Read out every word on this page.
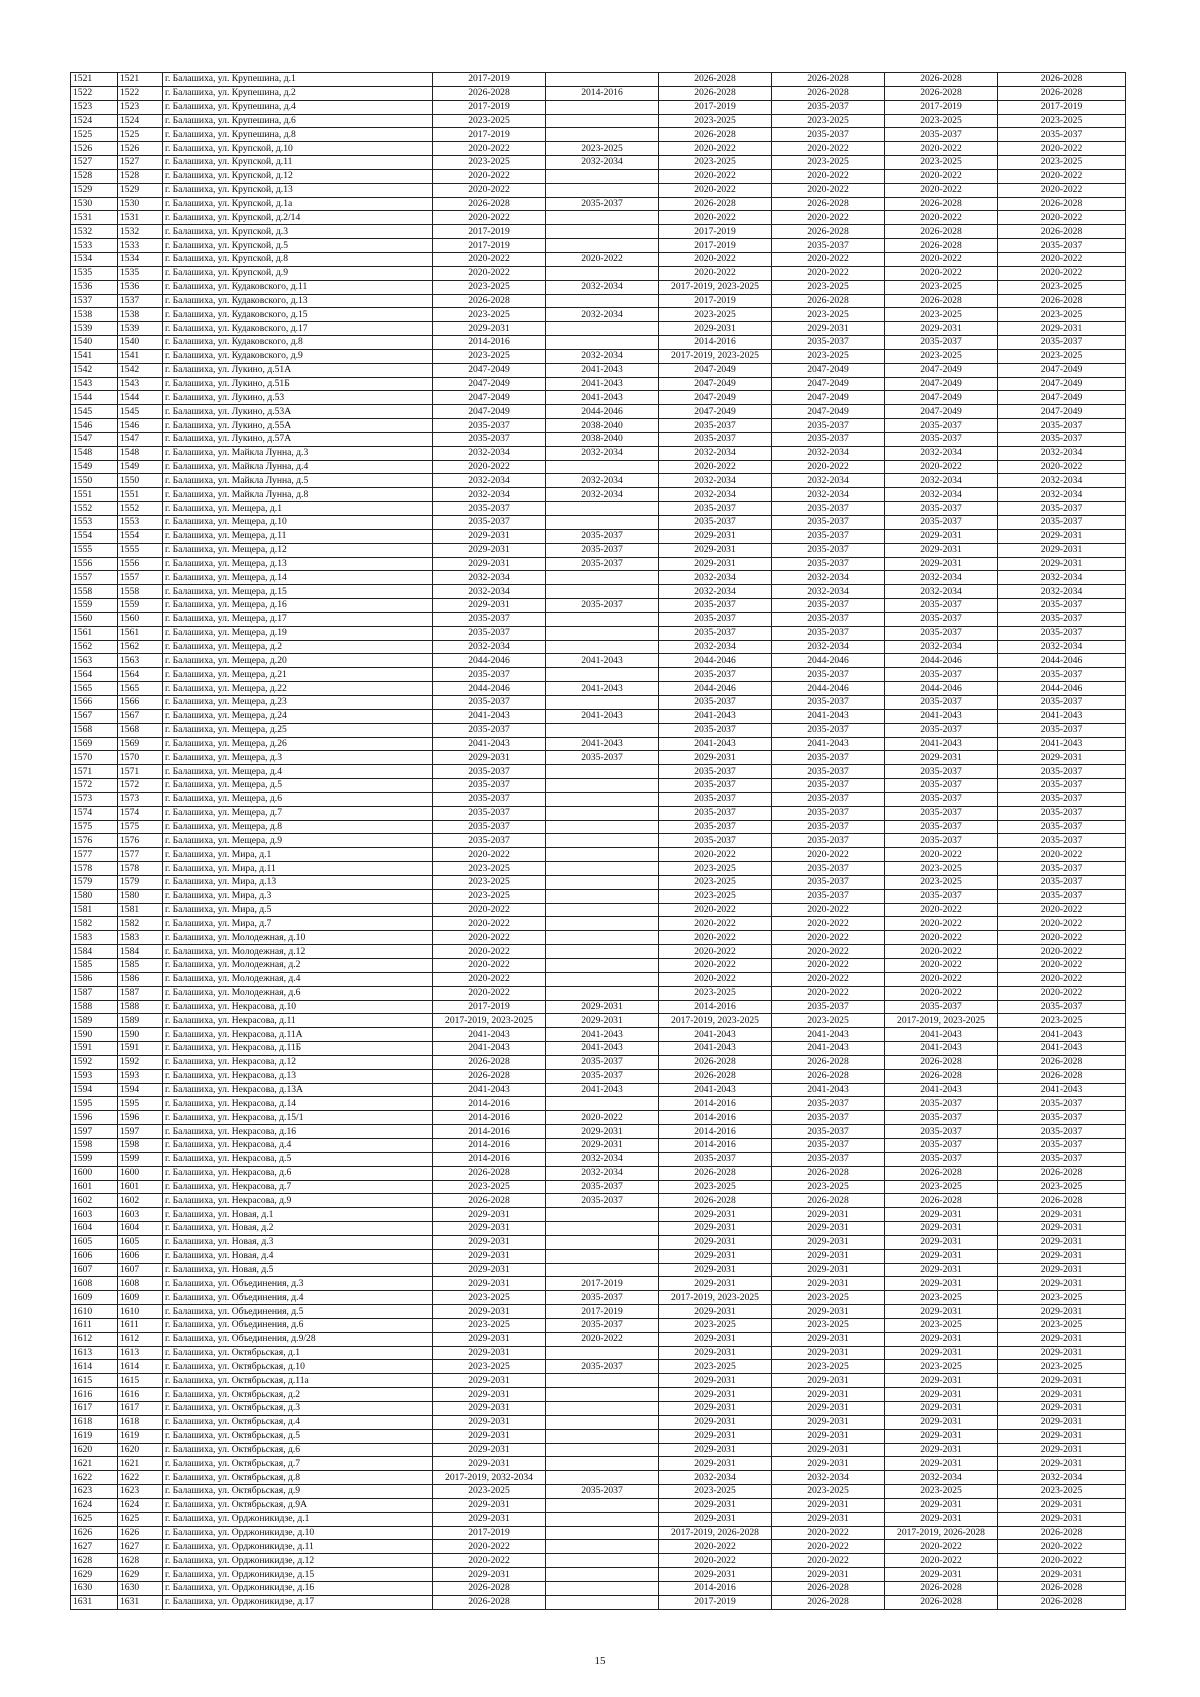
1521	1521	г. Балашиха, ул. Крупешина, д.1	2017-2019		2026-2028	2026-2028	2026-2028	2026-2028
1522	1522	г. Балашиха, ул. Крупешина, д.2	2026-2028	2014-2016	2026-2028	2026-2028	2026-2028	2026-2028
1523	1523	г. Балашиха, ул. Крупешина, д.4	2017-2019		2017-2019	2035-2037	2017-2019	2017-2019
1524	1524	г. Балашиха, ул. Крупешина, д.6	2023-2025		2023-2025	2023-2025	2023-2025	2023-2025
1525	1525	г. Балашиха, ул. Крупешина, д.8	2017-2019		2026-2028	2035-2037	2035-2037	2035-2037
1526	1526	г. Балашиха, ул. Крупской, д.10	2020-2022	2023-2025	2020-2022	2020-2022	2020-2022	2020-2022
1527	1527	г. Балашиха, ул. Крупской, д.11	2023-2025	2032-2034	2023-2025	2023-2025	2023-2025	2023-2025
1528	1528	г. Балашиха, ул. Крупской, д.12	2020-2022		2020-2022	2020-2022	2020-2022	2020-2022
1529	1529	г. Балашиха, ул. Крупской, д.13	2020-2022		2020-2022	2020-2022	2020-2022	2020-2022
1530	1530	г. Балашиха, ул. Крупской, д.1а	2026-2028	2035-2037	2026-2028	2026-2028	2026-2028	2026-2028
1531	1531	г. Балашиха, ул. Крупской, д.2/14	2020-2022		2020-2022	2020-2022	2020-2022	2020-2022
1532	1532	г. Балашиха, ул. Крупской, д.3	2017-2019		2017-2019	2026-2028	2026-2028	2026-2028
1533	1533	г. Балашиха, ул. Крупской, д.5	2017-2019		2017-2019	2035-2037	2026-2028	2035-2037
1534	1534	г. Балашиха, ул. Крупской, д.8	2020-2022	2020-2022	2020-2022	2020-2022	2020-2022	2020-2022
1535	1535	г. Балашиха, ул. Крупской, д.9	2020-2022		2020-2022	2020-2022	2020-2022	2020-2022
1536	1536	г. Балашиха, ул. Кудаковского, д.11	2023-2025	2032-2034	2017-2019, 2023-2025	2023-2025	2023-2025	2023-2025
1537	1537	г. Балашиха, ул. Кудаковского, д.13	2026-2028		2017-2019	2026-2028	2026-2028	2026-2028
1538	1538	г. Балашиха, ул. Кудаковского, д.15	2023-2025	2032-2034	2023-2025	2023-2025	2023-2025	2023-2025
1539	1539	г. Балашиха, ул. Кудаковского, д.17	2029-2031		2029-2031	2029-2031	2029-2031	2029-2031
1540	1540	г. Балашиха, ул. Кудаковского, д.8	2014-2016		2014-2016	2035-2037	2035-2037	2035-2037
1541	1541	г. Балашиха, ул. Кудаковского, д.9	2023-2025	2032-2034	2017-2019, 2023-2025	2023-2025	2023-2025	2023-2025
1542	1542	г. Балашиха, ул. Лукино, д.51А	2047-2049	2041-2043	2047-2049	2047-2049	2047-2049	2047-2049
1543	1543	г. Балашиха, ул. Лукино, д.51Б	2047-2049	2041-2043	2047-2049	2047-2049	2047-2049	2047-2049
1544	1544	г. Балашиха, ул. Лукино, д.53	2047-2049	2041-2043	2047-2049	2047-2049	2047-2049	2047-2049
1545	1545	г. Балашиха, ул. Лукино, д.53А	2047-2049	2044-2046	2047-2049	2047-2049	2047-2049	2047-2049
1546	1546	г. Балашиха, ул. Лукино, д.55А	2035-2037	2038-2040	2035-2037	2035-2037	2035-2037	2035-2037
1547	1547	г. Балашиха, ул. Лукино, д.57А	2035-2037	2038-2040	2035-2037	2035-2037	2035-2037	2035-2037
1548	1548	г. Балашиха, ул. Майкла Лунна, д.3	2032-2034	2032-2034	2032-2034	2032-2034	2032-2034	2032-2034
1549	1549	г. Балашиха, ул. Майкла Лунна, д.4	2020-2022		2020-2022	2020-2022	2020-2022	2020-2022
1550	1550	г. Балашиха, ул. Майкла Лунна, д.5	2032-2034	2032-2034	2032-2034	2032-2034	2032-2034	2032-2034
1551	1551	г. Балашиха, ул. Майкла Лунна, д.8	2032-2034	2032-2034	2032-2034	2032-2034	2032-2034	2032-2034
1552	1552	г. Балашиха, ул. Мещера, д.1	2035-2037		2035-2037	2035-2037	2035-2037	2035-2037
1553	1553	г. Балашиха, ул. Мещера, д.10	2035-2037		2035-2037	2035-2037	2035-2037	2035-2037
1554	1554	г. Балашиха, ул. Мещера, д.11	2029-2031	2035-2037	2029-2031	2035-2037	2029-2031	2029-2031
1555	1555	г. Балашиха, ул. Мещера, д.12	2029-2031	2035-2037	2029-2031	2035-2037	2029-2031	2029-2031
1556	1556	г. Балашиха, ул. Мещера, д.13	2029-2031	2035-2037	2029-2031	2035-2037	2029-2031	2029-2031
1557	1557	г. Балашиха, ул. Мещера, д.14	2032-2034		2032-2034	2032-2034	2032-2034	2032-2034
1558	1558	г. Балашиха, ул. Мещера, д.15	2032-2034		2032-2034	2032-2034	2032-2034	2032-2034
1559	1559	г. Балашиха, ул. Мещера, д.16	2029-2031	2035-2037	2035-2037	2035-2037	2035-2037	2035-2037
1560	1560	г. Балашиха, ул. Мещера, д.17	2035-2037		2035-2037	2035-2037	2035-2037	2035-2037
1561	1561	г. Балашиха, ул. Мещера, д.19	2035-2037		2035-2037	2035-2037	2035-2037	2035-2037
1562	1562	г. Балашиха, ул. Мещера, д.2	2032-2034		2032-2034	2032-2034	2032-2034	2032-2034
1563	1563	г. Балашиха, ул. Мещера, д.20	2044-2046	2041-2043	2044-2046	2044-2046	2044-2046	2044-2046
1564	1564	г. Балашиха, ул. Мещера, д.21	2035-2037		2035-2037	2035-2037	2035-2037	2035-2037
1565	1565	г. Балашиха, ул. Мещера, д.22	2044-2046	2041-2043	2044-2046	2044-2046	2044-2046	2044-2046
1566	1566	г. Балашиха, ул. Мещера, д.23	2035-2037		2035-2037	2035-2037	2035-2037	2035-2037
1567	1567	г. Балашиха, ул. Мещера, д.24	2041-2043	2041-2043	2041-2043	2041-2043	2041-2043	2041-2043
1568	1568	г. Балашиха, ул. Мещера, д.25	2035-2037		2035-2037	2035-2037	2035-2037	2035-2037
1569	1569	г. Балашиха, ул. Мещера, д.26	2041-2043	2041-2043	2041-2043	2041-2043	2041-2043	2041-2043
1570	1570	г. Балашиха, ул. Мещера, д.3	2029-2031	2035-2037	2029-2031	2035-2037	2029-2031	2029-2031
1571	1571	г. Балашиха, ул. Мещера, д.4	2035-2037		2035-2037	2035-2037	2035-2037	2035-2037
1572	1572	г. Балашиха, ул. Мещера, д.5	2035-2037		2035-2037	2035-2037	2035-2037	2035-2037
1573	1573	г. Балашиха, ул. Мещера, д.6	2035-2037		2035-2037	2035-2037	2035-2037	2035-2037
1574	1574	г. Балашиха, ул. Мещера, д.7	2035-2037		2035-2037	2035-2037	2035-2037	2035-2037
1575	1575	г. Балашиха, ул. Мещера, д.8	2035-2037		2035-2037	2035-2037	2035-2037	2035-2037
1576	1576	г. Балашиха, ул. Мещера, д.9	2035-2037		2035-2037	2035-2037	2035-2037	2035-2037
1577	1577	г. Балашиха, ул. Мира, д.1	2020-2022		2020-2022	2020-2022	2020-2022	2020-2022
1578	1578	г. Балашиха, ул. Мира, д.11	2023-2025		2023-2025	2035-2037	2023-2025	2035-2037
1579	1579	г. Балашиха, ул. Мира, д.13	2023-2025		2023-2025	2035-2037	2023-2025	2035-2037
1580	1580	г. Балашиха, ул. Мира, д.3	2023-2025		2023-2025	2035-2037	2035-2037	2035-2037
1581	1581	г. Балашиха, ул. Мира, д.5	2020-2022		2020-2022	2020-2022	2020-2022	2020-2022
1582	1582	г. Балашиха, ул. Мира, д.7	2020-2022		2020-2022	2020-2022	2020-2022	2020-2022
1583	1583	г. Балашиха, ул. Молодежная, д.10	2020-2022		2020-2022	2020-2022	2020-2022	2020-2022
1584	1584	г. Балашиха, ул. Молодежная, д.12	2020-2022		2020-2022	2020-2022	2020-2022	2020-2022
1585	1585	г. Балашиха, ул. Молодежная, д.2	2020-2022		2020-2022	2020-2022	2020-2022	2020-2022
1586	1586	г. Балашиха, ул. Молодежная, д.4	2020-2022		2020-2022	2020-2022	2020-2022	2020-2022
1587	1587	г. Балашиха, ул. Молодежная, д.6	2020-2022		2023-2025	2020-2022	2020-2022	2020-2022
1588	1588	г. Балашиха, ул. Некрасова, д.10	2017-2019	2029-2031	2014-2016	2035-2037	2035-2037	2035-2037
1589	1589	г. Балашиха, ул. Некрасова, д.11	2017-2019, 2023-2025	2029-2031	2017-2019, 2023-2025	2023-2025	2017-2019, 2023-2025	2023-2025
1590	1590	г. Балашиха, ул. Некрасова, д.11А	2041-2043	2041-2043	2041-2043	2041-2043	2041-2043	2041-2043
1591	1591	г. Балашиха, ул. Некрасова, д.11Б	2041-2043	2041-2043	2041-2043	2041-2043	2041-2043	2041-2043
1592	1592	г. Балашиха, ул. Некрасова, д.12	2026-2028	2035-2037	2026-2028	2026-2028	2026-2028	2026-2028
1593	1593	г. Балашиха, ул. Некрасова, д.13	2026-2028	2035-2037	2026-2028	2026-2028	2026-2028	2026-2028
1594	1594	г. Балашиха, ул. Некрасова, д.13А	2041-2043	2041-2043	2041-2043	2041-2043	2041-2043	2041-2043
1595	1595	г. Балашиха, ул. Некрасова, д.14	2014-2016		2014-2016	2035-2037	2035-2037	2035-2037
1596	1596	г. Балашиха, ул. Некрасова, д.15/1	2014-2016	2020-2022	2014-2016	2035-2037	2035-2037	2035-2037
1597	1597	г. Балашиха, ул. Некрасова, д.16	2014-2016	2029-2031	2014-2016	2035-2037	2035-2037	2035-2037
1598	1598	г. Балашиха, ул. Некрасова, д.4	2014-2016	2029-2031	2014-2016	2035-2037	2035-2037	2035-2037
1599	1599	г. Балашиха, ул. Некрасова, д.5	2014-2016	2032-2034	2035-2037	2035-2037	2035-2037	2035-2037
1600	1600	г. Балашиха, ул. Некрасова, д.6	2026-2028	2032-2034	2026-2028	2026-2028	2026-2028	2026-2028
1601	1601	г. Балашиха, ул. Некрасова, д.7	2023-2025	2035-2037	2023-2025	2023-2025	2023-2025	2023-2025
1602	1602	г. Балашиха, ул. Некрасова, д.9	2026-2028	2035-2037	2026-2028	2026-2028	2026-2028	2026-2028
1603	1603	г. Балашиха, ул. Новая, д.1	2029-2031		2029-2031	2029-2031	2029-2031	2029-2031
1604	1604	г. Балашиха, ул. Новая, д.2	2029-2031		2029-2031	2029-2031	2029-2031	2029-2031
1605	1605	г. Балашиха, ул. Новая, д.3	2029-2031		2029-2031	2029-2031	2029-2031	2029-2031
1606	1606	г. Балашиха, ул. Новая, д.4	2029-2031		2029-2031	2029-2031	2029-2031	2029-2031
1607	1607	г. Балашиха, ул. Новая, д.5	2029-2031		2029-2031	2029-2031	2029-2031	2029-2031
1608	1608	г. Балашиха, ул. Объединения, д.3	2029-2031	2017-2019	2029-2031	2029-2031	2029-2031	2029-2031
1609	1609	г. Балашиха, ул. Объединения, д.4	2023-2025	2035-2037	2017-2019, 2023-2025	2023-2025	2023-2025	2023-2025
1610	1610	г. Балашиха, ул. Объединения, д.5	2029-2031	2017-2019	2029-2031	2029-2031	2029-2031	2029-2031
1611	1611	г. Балашиха, ул. Объединения, д.6	2023-2025	2035-2037	2023-2025	2023-2025	2023-2025	2023-2025
1612	1612	г. Балашиха, ул. Объединения, д.9/28	2029-2031	2020-2022	2029-2031	2029-2031	2029-2031	2029-2031
1613	1613	г. Балашиха, ул. Октябрьская, д.1	2029-2031		2029-2031	2029-2031	2029-2031	2029-2031
1614	1614	г. Балашиха, ул. Октябрьская, д.10	2023-2025	2035-2037	2023-2025	2023-2025	2023-2025	2023-2025
1615	1615	г. Балашиха, ул. Октябрьская, д.11а	2029-2031		2029-2031	2029-2031	2029-2031	2029-2031
1616	1616	г. Балашиха, ул. Октябрьская, д.2	2029-2031		2029-2031	2029-2031	2029-2031	2029-2031
1617	1617	г. Балашиха, ул. Октябрьская, д.3	2029-2031		2029-2031	2029-2031	2029-2031	2029-2031
1618	1618	г. Балашиха, ул. Октябрьская, д.4	2029-2031		2029-2031	2029-2031	2029-2031	2029-2031
1619	1619	г. Балашиха, ул. Октябрьская, д.5	2029-2031		2029-2031	2029-2031	2029-2031	2029-2031
1620	1620	г. Балашиха, ул. Октябрьская, д.6	2029-2031		2029-2031	2029-2031	2029-2031	2029-2031
1621	1621	г. Балашиха, ул. Октябрьская, д.7	2029-2031		2029-2031	2029-2031	2029-2031	2029-2031
1622	1622	г. Балашиха, ул. Октябрьская, д.8	2017-2019, 2032-2034		2032-2034	2032-2034	2032-2034	2032-2034
1623	1623	г. Балашиха, ул. Октябрьская, д.9	2023-2025	2035-2037	2023-2025	2023-2025	2023-2025	2023-2025
1624	1624	г. Балашиха, ул. Октябрьская, д.9А	2029-2031		2029-2031	2029-2031	2029-2031	2029-2031
1625	1625	г. Балашиха, ул. Орджоникидзе, д.1	2029-2031		2029-2031	2029-2031	2029-2031	2029-2031
1626	1626	г. Балашиха, ул. Орджоникидзе, д.10	2017-2019		2017-2019, 2026-2028	2020-2022	2017-2019, 2026-2028	2026-2028
1627	1627	г. Балашиха, ул. Орджоникидзе, д.11	2020-2022		2020-2022	2020-2022	2020-2022	2020-2022
1628	1628	г. Балашиха, ул. Орджоникидзе, д.12	2020-2022		2020-2022	2020-2022	2020-2022	2020-2022
1629	1629	г. Балашиха, ул. Орджоникидзе, д.15	2029-2031		2029-2031	2029-2031	2029-2031	2029-2031
1630	1630	г. Балашиха, ул. Орджоникидзе, д.16	2026-2028		2014-2016	2026-2028	2026-2028	2026-2028
1631	1631	г. Балашиха, ул. Орджоникидзе, д.17	2026-2028		2017-2019	2026-2028	2026-2028	2026-2028
15
